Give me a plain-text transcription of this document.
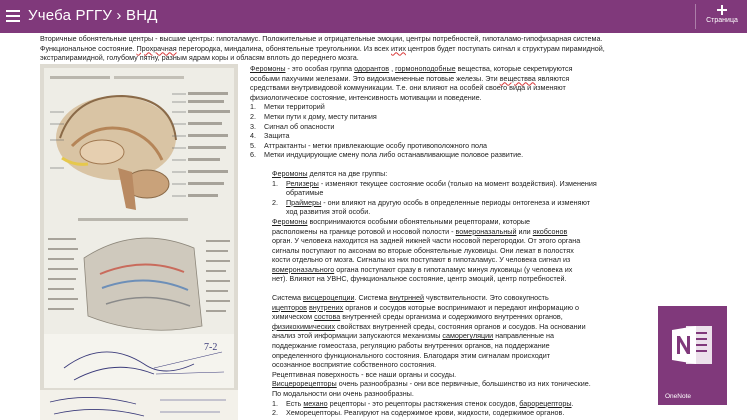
Учеба РГГУ › ВНД	Страница

Вторичные обонятельные центры - высшие центры: гипоталамус. Положительные и отрицательные эмоции, центры потребностей, гипоталамо-гипофизарная система.

Функциональное состояние. Прохрачная перегородка, миндалина, обонятельные треугольники. Из всех итих центров будет поступать сигнал к структурам пирамидной,

экстрапирамидной, голубому пятну, разным ядрам коры и обласям вплоть до переднего мозга.

7-2

Феромоны - это особая группа одорантов , гормоноподобные вещества, которые секретируются

особыми пахучими железами. Это видоизмененные потовые железы. Эти веществва являются

средствами внутривидовой коммуникации. Т.е. они влияют на особей своего вида и изменяют

физиологическое состояние, интенсивность мотивации и поведение.

1. Метки территорий
2. Метки пути к дому, месту питания
3. Сигнал об опасности
4. Защита
5. Аттрактанты - метки привлекающие особу противоположного пола
6. Метки индуцирующие смену пола либо останавливающие половое развитие.

Феромоны делятся на две группы:

1. Релизеры - изменяют текущее состояние особи (только на момент воздействия). Изменения
обратимые
2. Праймеры - они влияют на другую особь в определенные периоды онтогенеза и изменяют
ход развития этой особи.

Феромоны воспринимаются особыми обонятельными рецепторами, которые

расположены на границе ротовой и носовой полости - вомероназальный или якобсонов

орган. У человека находится на задней нижней части носовой перегородки. От этого органа

сигналы поступают по аксонам во вторые обонятельные луковицы. Они лежат в полостях

кости отдельно от мозга. Сигналы из них поступают в гипоталамус. У человека сигнал из

вомероназального органа поступают сразу в гипоталамус минуя луковицы (у человека их

нет). Влияют на УВНС, функциональное состояние, центр эмоций, центр потребностей.

Система висцероцепции. Система внутрнней чувствительности. Это совокупность

ицепторов внутрених органов и сосудов которые воспринимают и передают информацию о

химическом состова внутренней среды организма и содержимого внутренних органов,

физикохимических свойствах внутренней среды, состояния органов и сосудов. На основании

анализ этой информации запускаются механизмы саморегуляции направленные на

поддержание гомеостаза, регуляцию работы внутренних органов, на поддержание

определенного функционального состояния. Благодаря этим сигналам происходит

осознанное восприятие собственного состояния.

Рецептивная поверхность - все наши органы и сосуды.

Висцерорецепторы очень разнообразны - они все первичные, большинство из них тонические.

По модальности они очень разнообразны.

1. Есть механо рецепторы - это рецепторы растяжения стенок сосудов, барорецепторы.
2. Хеморецепторы. Реагируют на содержимое крови, жидкости, содержимое органов.
OneNote
